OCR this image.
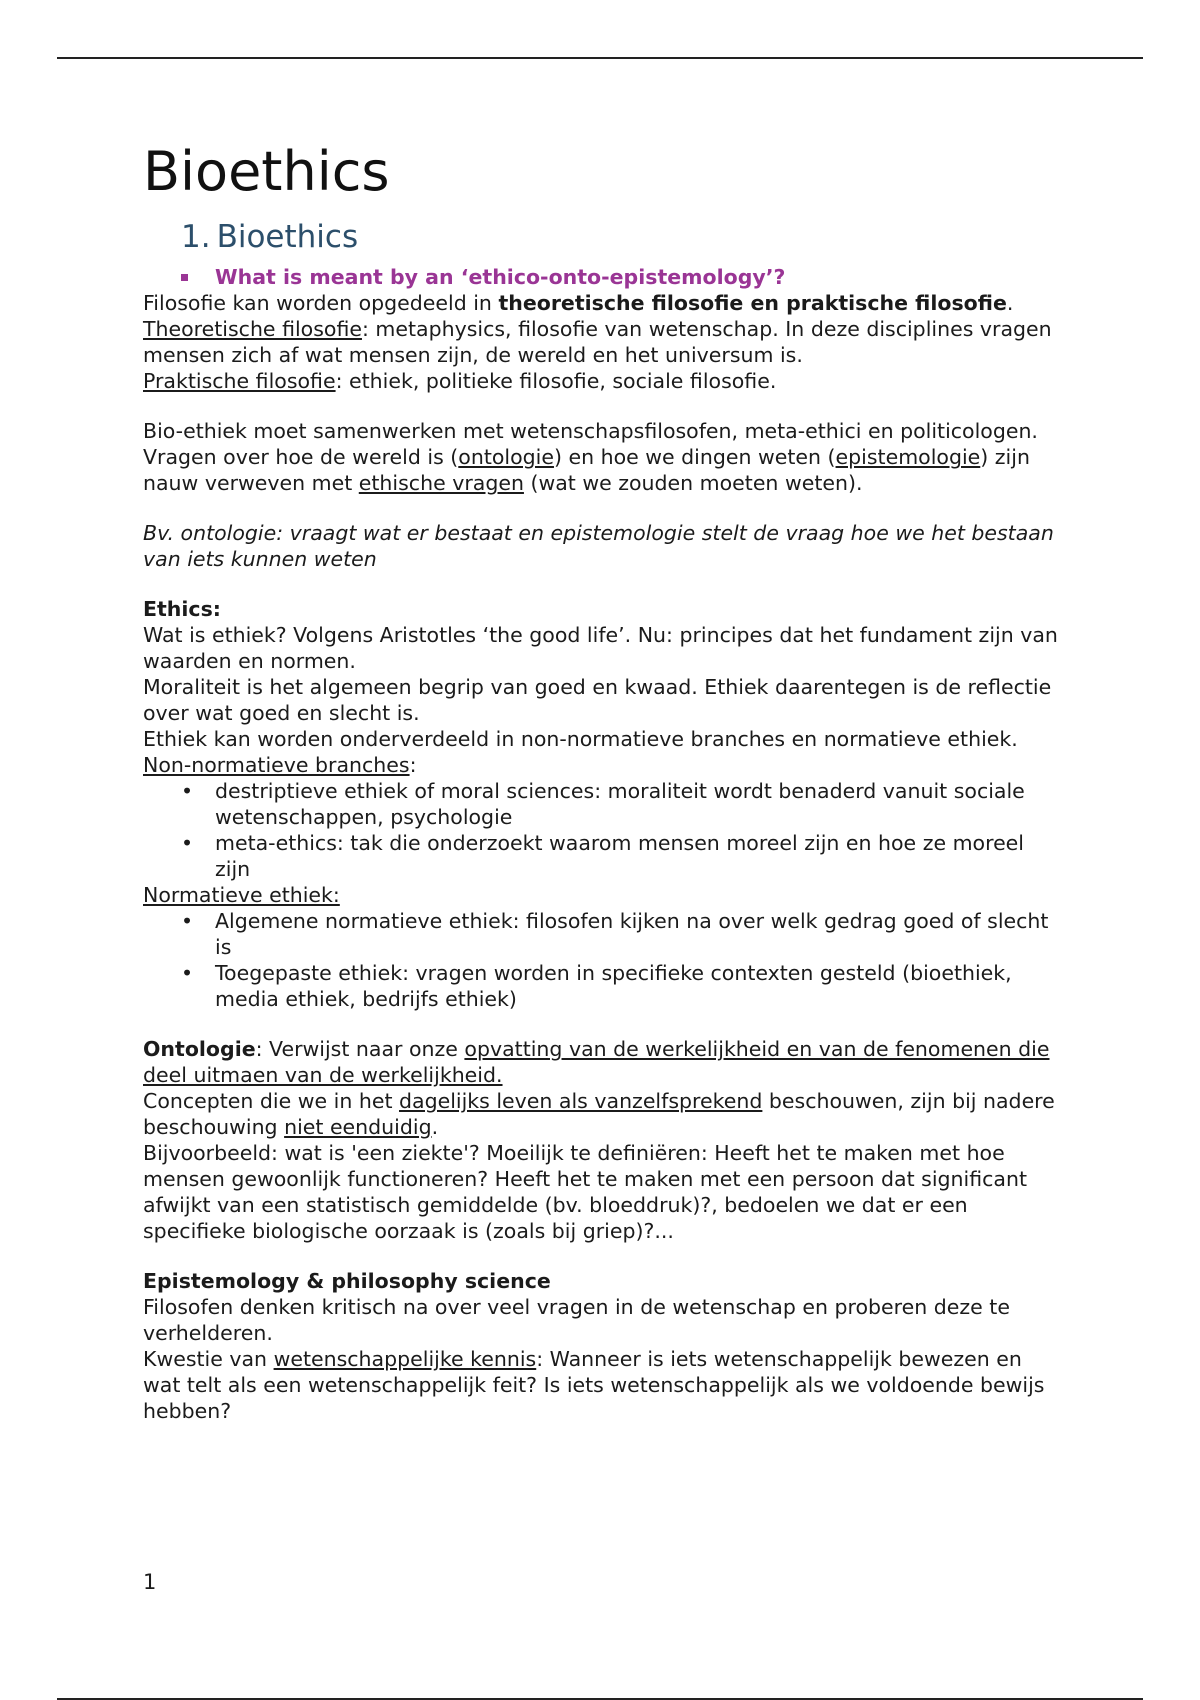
Bioethics
1. Bioethics

What is meant by an ‘ethico-onto-epistemology’?

Filosofie kan worden opgedeeld in theoretische filosofie en praktische filosofie.

Theoretische filosofie: metaphysics, filosofie van wetenschap. In deze disciplines vragen mensen zich af wat mensen zijn, de wereld en het universum is.

Praktische filosofie: ethiek, politieke filosofie, sociale filosofie.

Bio-ethiek moet samenwerken met wetenschapsfilosofen, meta-ethici en politicologen. Vragen over hoe de wereld is (ontologie) en hoe we dingen weten (epistemologie) zijn nauw verweven met ethische vragen (wat we zouden moeten weten).

Bv. ontologie: vraagt wat er bestaat en epistemologie stelt de vraag hoe we het bestaan van iets kunnen weten

Ethics:

Wat is ethiek? Volgens Aristotles ‘the good life’. Nu: principes dat het fundament zijn van waarden en normen.

Moraliteit is het algemeen begrip van goed en kwaad. Ethiek daarentegen is de reflectie over wat goed en slecht is.

Ethiek kan worden onderverdeeld in non-normatieve branches en normatieve ethiek.

Non-normatieve branches:

• destriptieve ethiek of moral sciences: moraliteit wordt benaderd vanuit sociale wetenschappen, psychologie
• meta-ethics: tak die onderzoekt waarom mensen moreel zijn en hoe ze moreel zijn

Normatieve ethiek:

• Algemene normatieve ethiek: filosofen kijken na over welk gedrag goed of slecht is
• Toegepaste ethiek: vragen worden in specifieke contexten gesteld (bioethiek, media ethiek, bedrijfs ethiek)

Ontologie: Verwijst naar onze opvatting van de werkelijkheid en van de fenomenen die deel uitmaen van de werkelijkheid.

Concepten die we in het dagelijks leven als vanzelfsprekend beschouwen, zijn bij nadere beschouwing niet eenduidig.

Bijvoorbeeld: wat is 'een ziekte'? Moeilijk te definiëren: Heeft het te maken met hoe mensen gewoonlijk functioneren? Heeft het te maken met een persoon dat significant afwijkt van een statistisch gemiddelde (bv. bloeddruk)?, bedoelen we dat er een specifieke biologische oorzaak is (zoals bij griep)?...

Epistemology & philosophy science

Filosofen denken kritisch na over veel vragen in de wetenschap en proberen deze te verhelderen.

Kwestie van wetenschappelijke kennis: Wanneer is iets wetenschappelijk bewezen en wat telt als een wetenschappelijk feit? Is iets wetenschappelijk als we voldoende bewijs hebben?

1
